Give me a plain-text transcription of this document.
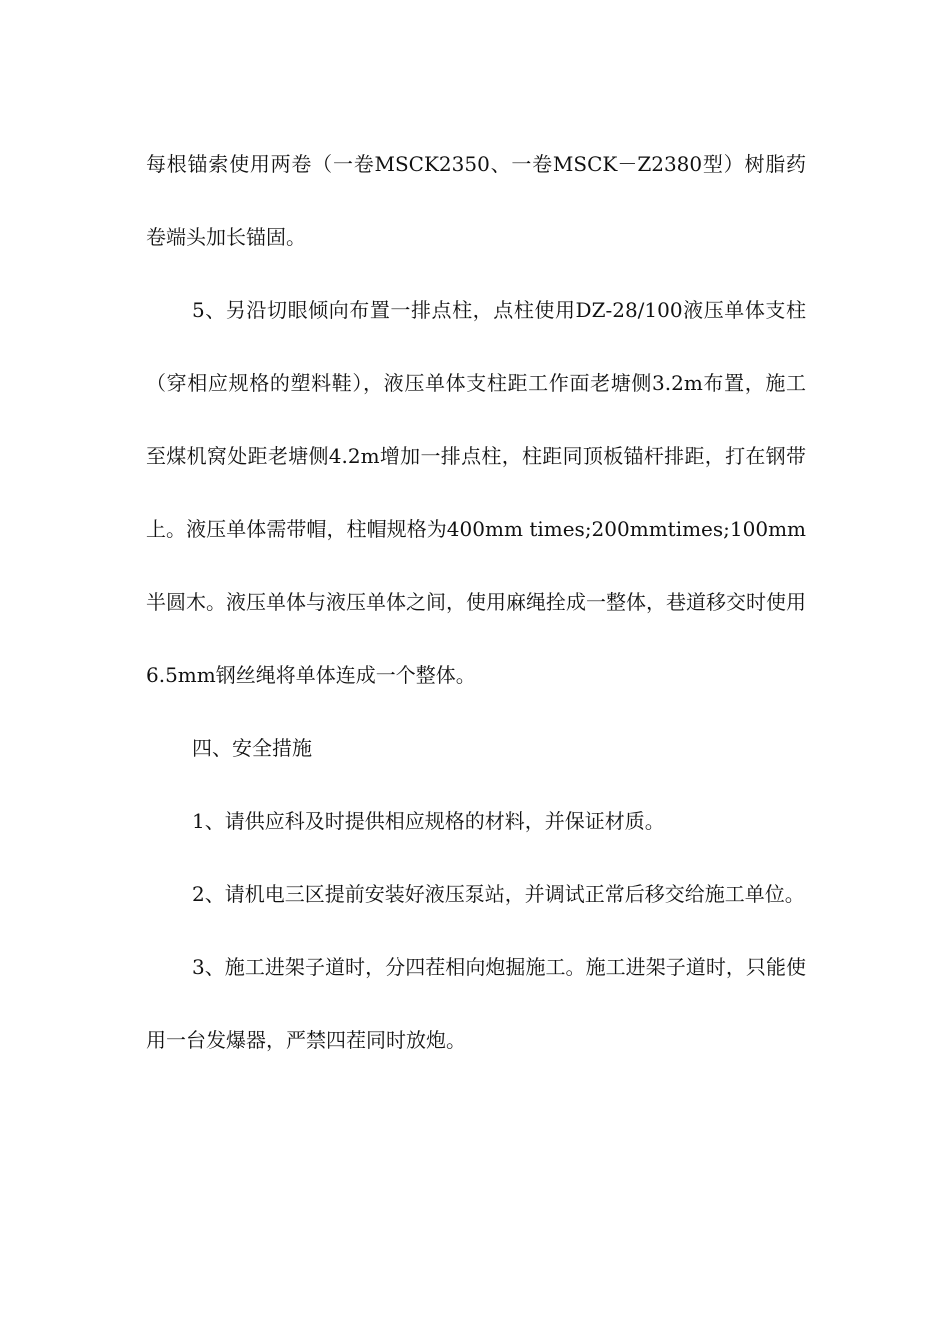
每根锚索使用两卷（一卷MSCK2350、一卷MSCK－Z2380型）树脂药卷端头加长锚固。

5、另沿切眼倾向布置一排点柱，点柱使用DZ-28/100液压单体支柱（穿相应规格的塑料鞋），液压单体支柱距工作面老塘侧3.2m布置，施工至煤机窝处距老塘侧4.2m增加一排点柱，柱距同顶板锚杆排距，打在钢带上。液压单体需带帽，柱帽规格为400mm times;200mmtimes;100mm半圆木。液压单体与液压单体之间，使用麻绳拴成一整体，巷道移交时使用6.5mm钢丝绳将单体连成一个整体。

四、安全措施

1、请供应科及时提供相应规格的材料，并保证材质。

2、请机电三区提前安装好液压泵站，并调试正常后移交给施工单位。

3、施工进架子道时，分四茬相向炮掘施工。施工进架子道时，只能使用一台发爆器，严禁四茬同时放炮。
